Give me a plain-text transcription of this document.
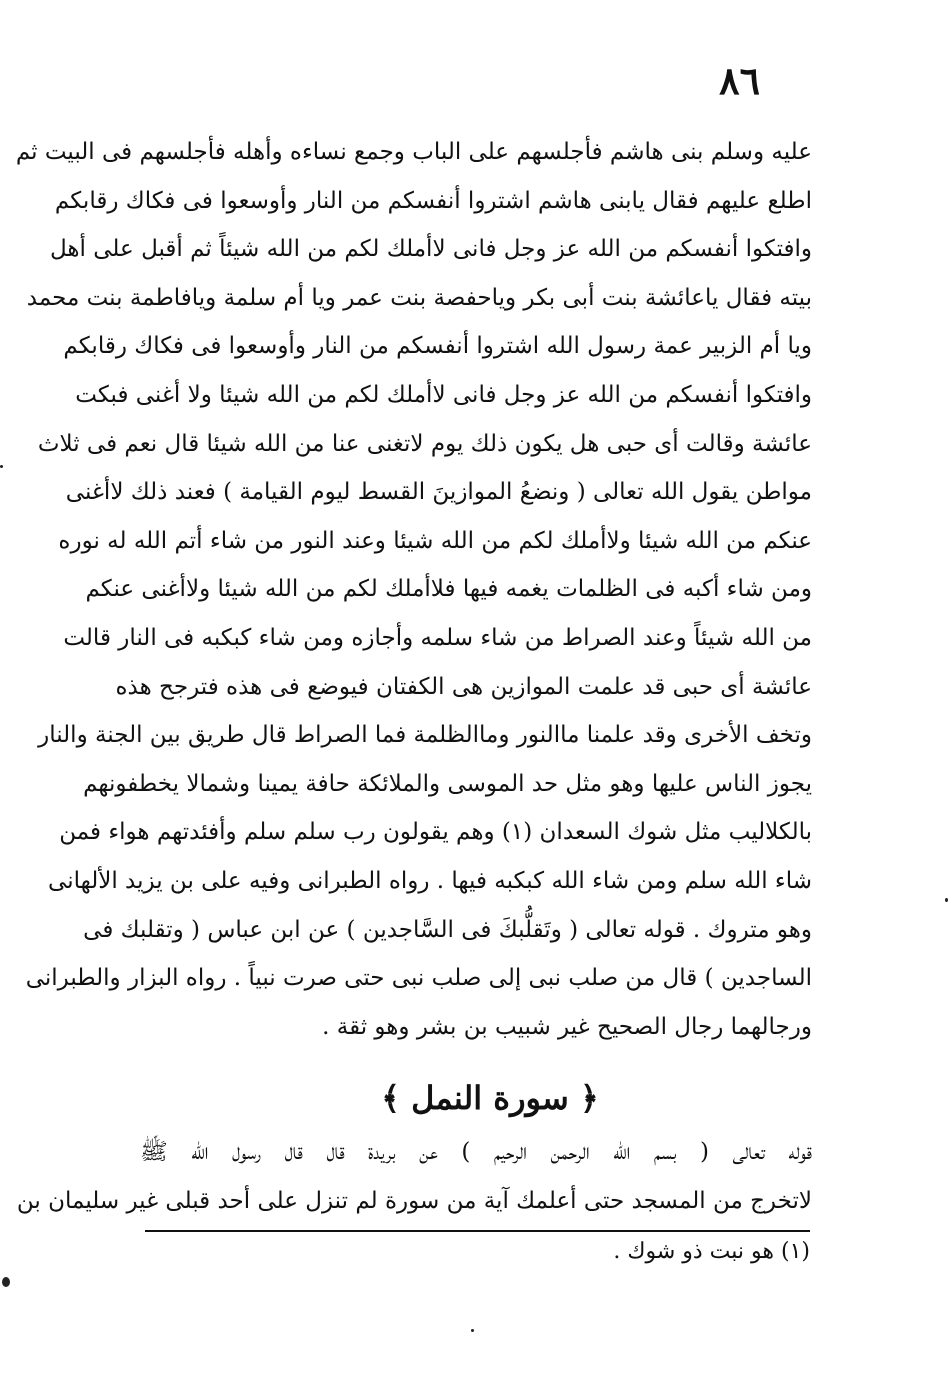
٨٦
عليه وسلم بنى هاشم فأجلسهم على الباب وجمع نساءه وأهله فأجلسهم فى البيت ثم
اطلع عليهم فقال يابنى هاشم اشتروا أنفسكم من النار وأوسعوا فى فكاك رقابكم
وافتكوا أنفسكم من الله عز وجل فانى لاأملك لكم من الله شيئاً ثم أقبل على أهل
بيته فقال ياعائشة بنت أبى بكر وياحفصة بنت عمر ويا أم سلمة ويافاطمة بنت محمد
ويا أم الزبير عمة رسول الله اشتروا أنفسكم من النار وأوسعوا فى فكاك رقابكم
وافتكوا أنفسكم من الله عز وجل فانى لاأملك لكم من الله شيئا ولا أغنى فبكت
عائشة وقالت أى حبى هل يكون ذلك يوم لاتغنى عنا من الله شيئا قال نعم فى ثلاث
مواطن يقول الله تعالى ( ونضعُ الموازينَ القسط ليوم القيامة ) فعند ذلك لاأغنى
عنكم من الله شيئا ولاأملك لكم من الله شيئا وعند النور من شاء أتم الله له نوره
ومن شاء أكبه فى الظلمات يغمه فيها فلاأملك لكم من الله شيئا ولاأغنى عنكم
من الله شيئاً وعند الصراط من شاء سلمه وأجازه ومن شاء كبكبه فى النار قالت
عائشة أى حبى قد علمت الموازين هى الكفتان فيوضع فى هذه فترجح هذه
وتخف الأخرى وقد علمنا ماالنور وماالظلمة فما الصراط قال طريق بين الجنة والنار
يجوز الناس عليها وهو مثل حد الموسى والملائكة حافة يمينا وشمالا يخطفونهم
بالكلاليب مثل شوك السعدان (١) وهم يقولون رب سلم سلم وأفئدتهم هواء فمن
شاء الله سلم ومن شاء الله كبكبه فيها . رواه الطبرانى وفيه على بن يزيد الألهانى
وهو متروك . قوله تعالى ( وتَقلُّبكَ فى السَّاجدين ) عن ابن عباس ( وتقلبك فى
الساجدين ) قال من صلب نبى إلى صلب نبى حتى صرت نبياً . رواه البزار والطبرانى
ورجالهما رجال الصحيح غير شبيب بن بشر وهو ثقة .
﴿ سورة النمل ﴾
قوله تعالى ( بسم الله الرحمن الرحيم ) عن بريدة قال قال رسول الله ﷺ
لاتخرج من المسجد حتى أعلمك آية من سورة لم تنزل على أحد قبلى غير سليمان بن
(١) هو نبت ذو شوك .
